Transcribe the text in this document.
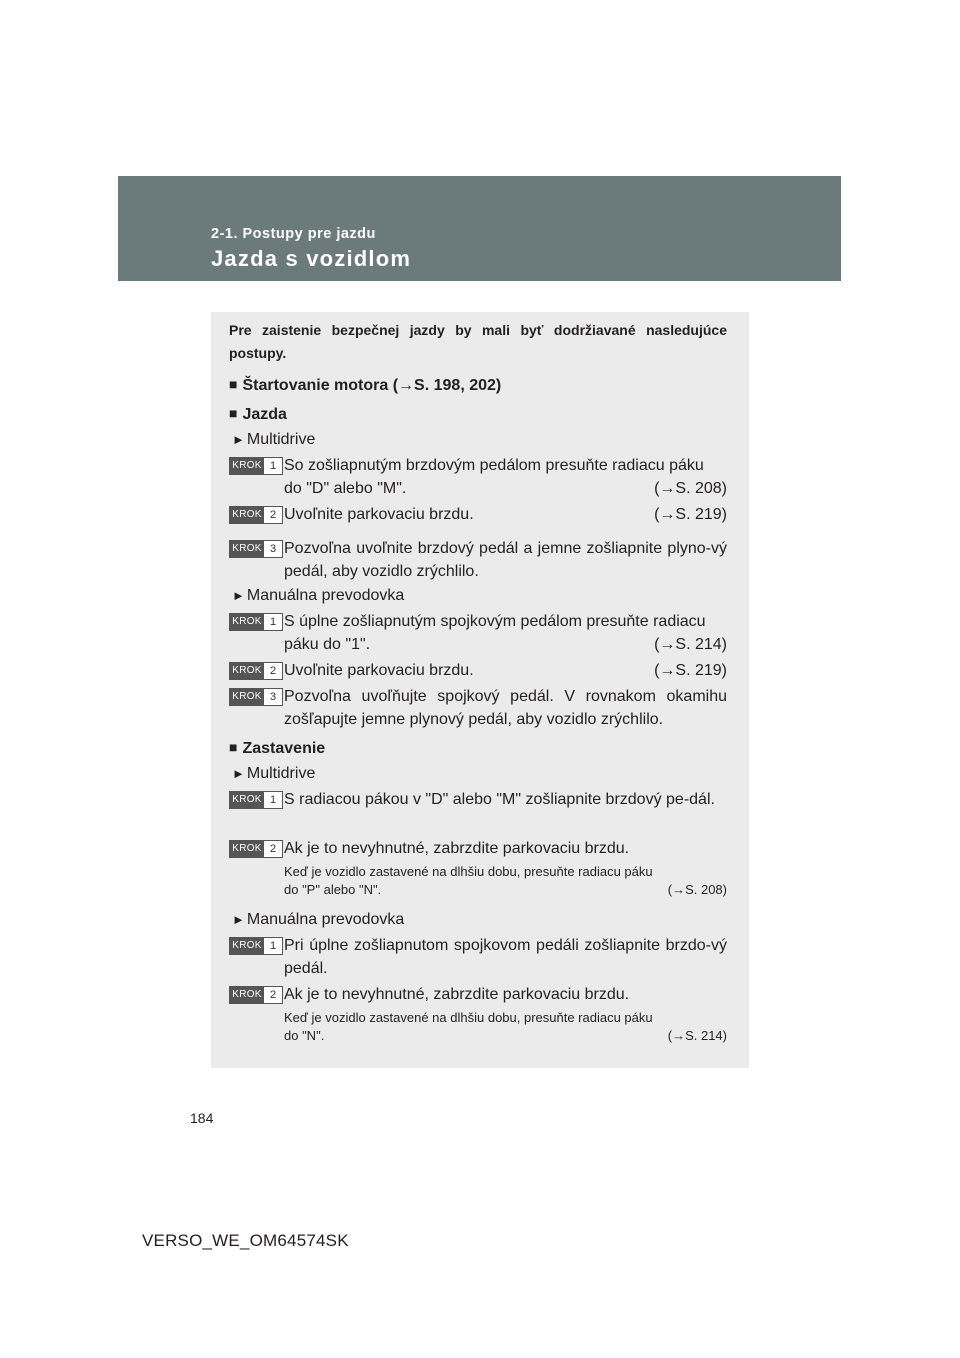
2-1. Postupy pre jazdu
Jazda s vozidlom
Pre zaistenie bezpečnej jazdy by mali byť dodržiavané nasledujúce postupy.
■ Štartovanie motora (→S. 198, 202)
■ Jazda
► Multidrive
KROK 1 So zošliapnutým brzdovým pedálom presuňte radiacu páku
do "D" alebo "M".	(→S. 208)
KROK 2 Uvoľnite parkovaciu brzdu.	(→S. 219)
KROK 3 Pozvoľna uvoľnite brzdový pedál a jemne zošliapnite plyno-vý pedál, aby vozidlo zrýchlilo.
► Manuálna prevodovka
KROK 1 S úplne zošliapnutým spojkovým pedálom presuňte radiacu
páku do "1".	(→S. 214)
KROK 2 Uvoľnite parkovaciu brzdu.	(→S. 219)
KROK 3 Pozvoľna uvoľňujte spojkový pedál. V rovnakom okamihu zošľapujte jemne plynový pedál, aby vozidlo zrýchlilo.
■ Zastavenie
► Multidrive
KROK 1 S radiacou pákou v "D" alebo "M" zošliapnite brzdový pe-dál.
KROK 2 Ak je to nevyhnutné, zabrzdite parkovaciu brzdu.
Keď je vozidlo zastavené na dlhšiu dobu, presuňte radiacu páku
do "P" alebo "N".	(→S. 208)
► Manuálna prevodovka
KROK 1 Pri úplne zošliapnutom spojkovom pedáli zošliapnite brzdo-vý pedál.
KROK 2 Ak je to nevyhnutné, zabrzdite parkovaciu brzdu.
Keď je vozidlo zastavené na dlhšiu dobu, presuňte radiacu páku
do "N".	(→S. 214)
184
VERSO_WE_OM64574SK
